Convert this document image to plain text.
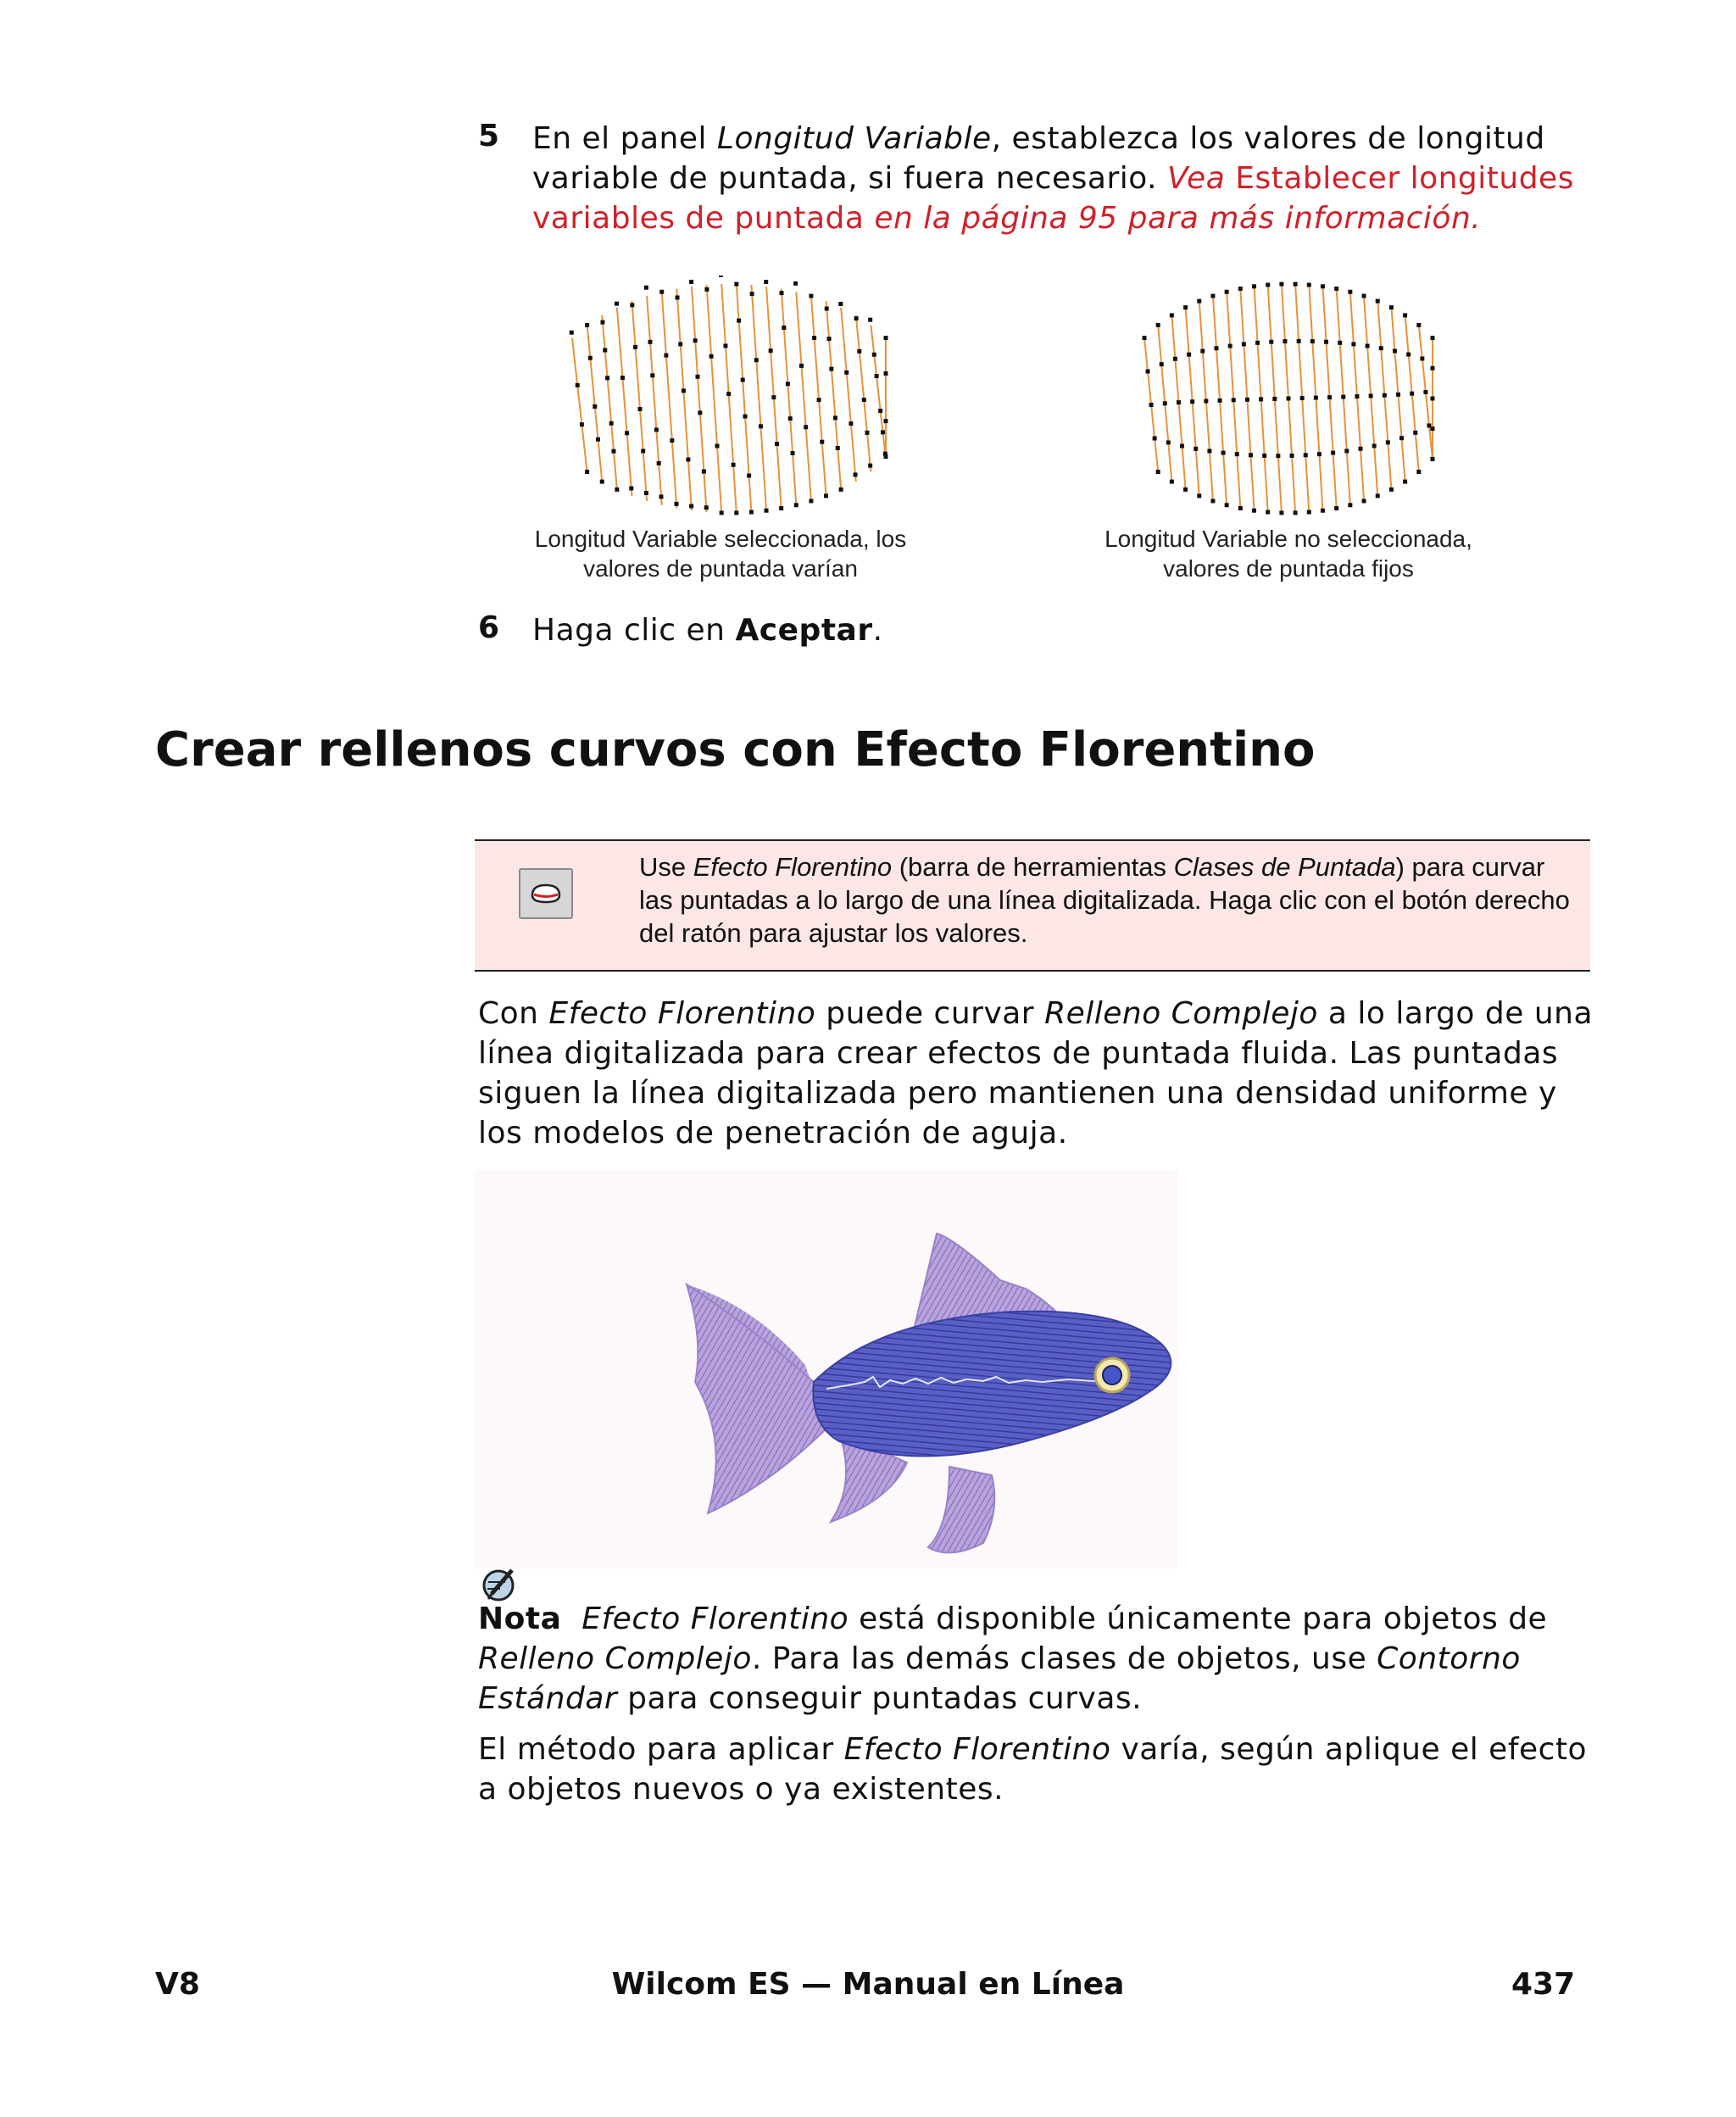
5 En el panel Longitud Variable, establezca los valores de longitud variable de puntada, si fuera necesario. Vea Establecer longitudes variables de puntada en la página 95 para más información.
Longitud Variable seleccionada, los
valores de puntada varían
Longitud Variable no seleccionada,
valores de puntada fijos
6 Haga clic en Aceptar.
Crear rellenos curvos con Efecto Florentino
Use Efecto Florentino (barra de herramientas Clases de Puntada) para curvar las puntadas a lo largo de una línea digitalizada. Haga clic con el botón derecho del ratón para ajustar los valores.
Con Efecto Florentino puede curvar Relleno Complejo a lo largo de una línea digitalizada para crear efectos de puntada fluida. Las puntadas siguen la línea digitalizada pero mantienen una densidad uniforme y los modelos de penetración de aguja.
Nota Efecto Florentino está disponible únicamente para objetos de Relleno Complejo. Para las demás clases de objetos, use Contorno Estándar para conseguir puntadas curvas.
El método para aplicar Efecto Florentino varía, según aplique el efecto a objetos nuevos o ya existentes.
V8	Wilcom ES — Manual en Línea	437
